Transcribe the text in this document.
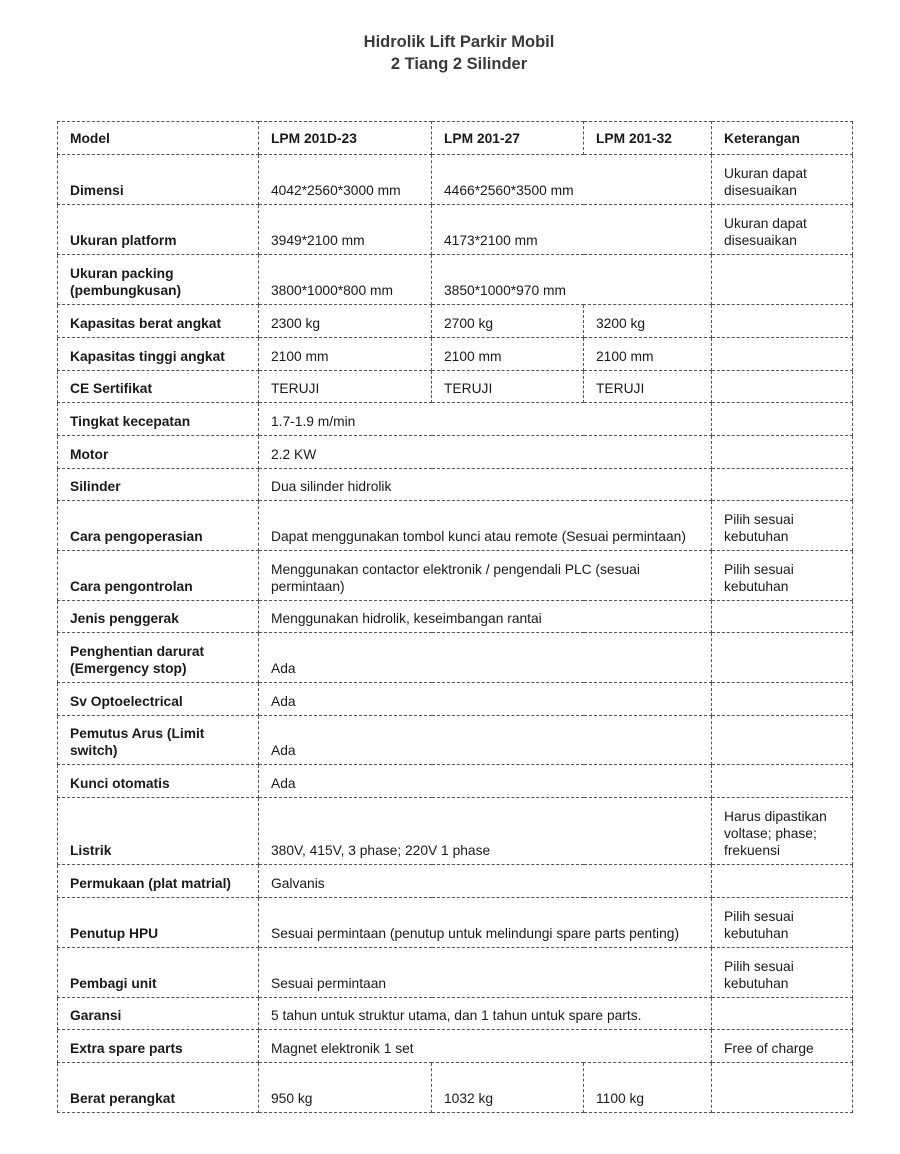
Hidrolik Lift Parkir Mobil
2 Tiang 2 Silinder
Model	LPM 201D-23	LPM 201-27	LPM 201-32	Keterangan
Dimensi	4042*2560*3000 mm	4466*2560*3500 mm		Ukuran dapat disesuaikan
Ukuran platform	3949*2100 mm	4173*2100 mm		Ukuran dapat disesuaikan
Ukuran packing (pembungkusan)	3800*1000*800 mm	3850*1000*970 mm		
Kapasitas berat angkat	2300 kg	2700 kg	3200 kg	
Kapasitas tinggi angkat	2100 mm	2100 mm	2100 mm	
CE Sertifikat	TERUJI	TERUJI	TERUJI	
Tingkat kecepatan	1.7-1.9 m/min			
Motor	2.2 KW			
Silinder	Dua silinder hidrolik			
Cara pengoperasian	Dapat menggunakan tombol kunci atau remote (Sesuai permintaan)			Pilih sesuai kebutuhan
Cara pengontrolan	Menggunakan contactor elektronik / pengendali PLC (sesuai permintaan)			Pilih sesuai kebutuhan
Jenis penggerak	Menggunakan hidrolik, keseimbangan rantai			
Penghentian darurat (Emergency stop)	Ada			
Sv Optoelectrical	Ada			
Pemutus Arus (Limit switch)	Ada			
Kunci otomatis	Ada			
Listrik	380V, 415V, 3 phase; 220V 1 phase			Harus dipastikan voltase; phase; frekuensi
Permukaan (plat matrial)	Galvanis			
Penutup HPU	Sesuai permintaan (penutup untuk melindungi spare parts penting)			Pilih sesuai kebutuhan
Pembagi unit	Sesuai permintaan			Pilih sesuai kebutuhan
Garansi	5 tahun untuk struktur utama, dan 1 tahun untuk spare parts.			
Extra spare parts	Magnet elektronik 1 set			Free of charge
Berat perangkat	950 kg	1032 kg	1100 kg	
